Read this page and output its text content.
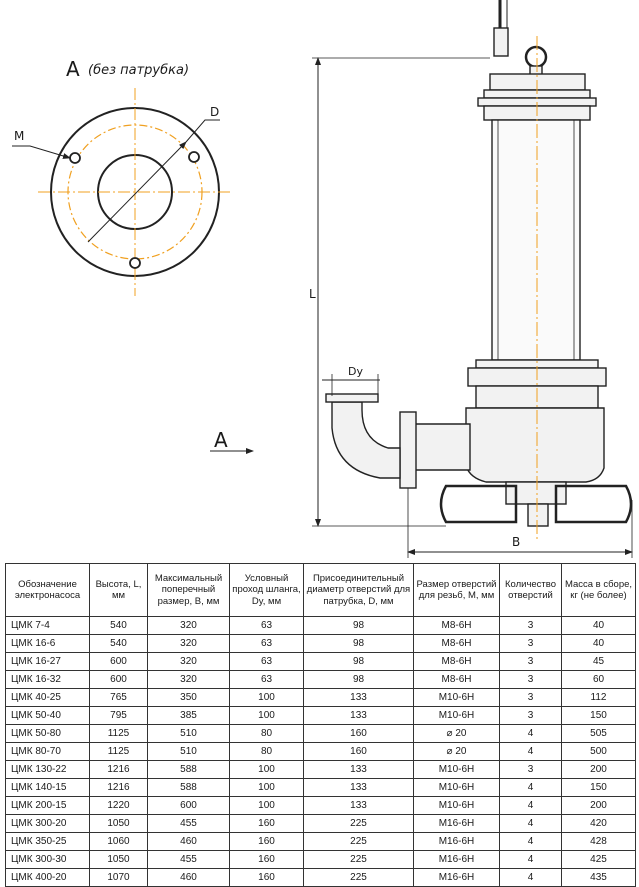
А (без патрубка)
D
М
А
L
Dy
B
Обозначение электронасоса	Высота, L, мм	Максимальный поперечный размер, B, мм	Условный проход шланга, Dy, мм	Присоединительный диаметр отверстий для патрубка, D, мм	Размер отверстий для резьб, M, мм	Количество отверстий	Масса в сборе, кг (не более)
ЦМК 7-4	540	320	63	98	М8-6Н	3	40
ЦМК 16-6	540	320	63	98	М8-6Н	3	40
ЦМК 16-27	600	320	63	98	М8-6Н	3	45
ЦМК 16-32	600	320	63	98	М8-6Н	3	60
ЦМК 40-25	765	350	100	133	М10-6Н	3	112
ЦМК 50-40	795	385	100	133	М10-6Н	3	150
ЦМК 50-80	1125	510	80	160	⌀ 20	4	505
ЦМК 80-70	1125	510	80	160	⌀ 20	4	500
ЦМК 130-22	1216	588	100	133	М10-6Н	3	200
ЦМК 140-15	1216	588	100	133	М10-6Н	4	150
ЦМК 200-15	1220	600	100	133	М10-6Н	4	200
ЦМК 300-20	1050	455	160	225	М16-6Н	4	420
ЦМК 350-25	1060	460	160	225	М16-6Н	4	428
ЦМК 300-30	1050	455	160	225	М16-6Н	4	425
ЦМК 400-20	1070	460	160	225	М16-6Н	4	435
